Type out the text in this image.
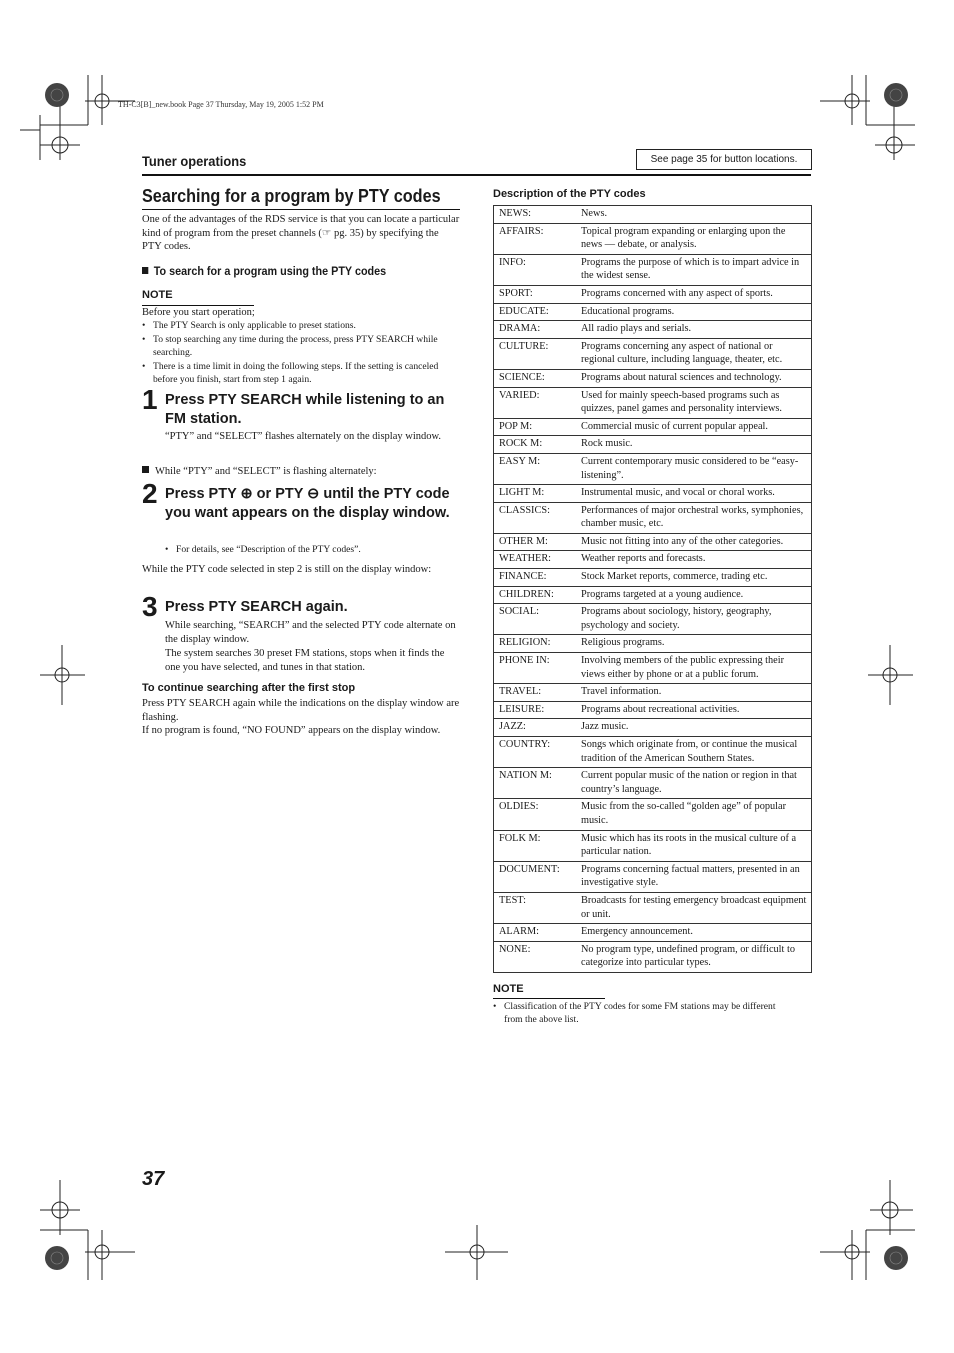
TH-C3[B]_new.book Page 37 Thursday, May 19, 2005 1:52 PM
Tuner operations	See page 35 for button locations.
Searching for a program by PTY codes
One of the advantages of the RDS service is that you can locate a particular kind of program from the preset channels (☞ pg. 35) by specifying the PTY codes.
To search for a program using the PTY codes
NOTE
Before you start operation;
• The PTY Search is only applicable to preset stations.
• To stop searching any time during the process, press PTY SEARCH while searching.
• There is a time limit in doing the following steps. If the setting is canceled before you finish, start from step 1 again.
1 Press PTY SEARCH while listening to an FM station.
“PTY” and “SELECT” flashes alternately on the display window.
While “PTY” and “SELECT” is flashing alternately:
2 Press PTY ⊕ or PTY ⊖ until the PTY code you want appears on the display window.
• For details, see “Description of the PTY codes”.
While the PTY code selected in step 2 is still on the display window:
3 Press PTY SEARCH again.
While searching, “SEARCH” and the selected PTY code alternate on the display window.
The system searches 30 preset FM stations, stops when it finds the one you have selected, and tunes in that station.
To continue searching after the first stop
Press PTY SEARCH again while the indications on the display window are flashing.
If no program is found, “NO FOUND” appears on the display window.
Description of the PTY codes
NEWS:	News.
AFFAIRS:	Topical program expanding or enlarging upon the news — debate, or analysis.
INFO:	Programs the purpose of which is to impart advice in the widest sense.
SPORT:	Programs concerned with any aspect of sports.
EDUCATE:	Educational programs.
DRAMA:	All radio plays and serials.
CULTURE:	Programs concerning any aspect of national or regional culture, including language, theater, etc.
SCIENCE:	Programs about natural sciences and technology.
VARIED:	Used for mainly speech-based programs such as quizzes, panel games and personality interviews.
POP M:	Commercial music of current popular appeal.
ROCK M:	Rock music.
EASY M:	Current contemporary music considered to be “easy-listening”.
LIGHT M:	Instrumental music, and vocal or choral works.
CLASSICS:	Performances of major orchestral works, symphonies, chamber music, etc.
OTHER M:	Music not fitting into any of the other categories.
WEATHER:	Weather reports and forecasts.
FINANCE:	Stock Market reports, commerce, trading etc.
CHILDREN:	Programs targeted at a young audience.
SOCIAL:	Programs about sociology, history, geography, psychology and society.
RELIGION:	Religious programs.
PHONE IN:	Involving members of the public expressing their views either by phone or at a public forum.
TRAVEL:	Travel information.
LEISURE:	Programs about recreational activities.
JAZZ:	Jazz music.
COUNTRY:	Songs which originate from, or continue the musical tradition of the American Southern States.
NATION M:	Current popular music of the nation or region in that country’s language.
OLDIES:	Music from the so-called “golden age” of popular music.
FOLK M:	Music which has its roots in the musical culture of a particular nation.
DOCUMENT:	Programs concerning factual matters, presented in an investigative style.
TEST:	Broadcasts for testing emergency broadcast equipment or unit.
ALARM:	Emergency announcement.
NONE:	No program type, undefined program, or difficult to categorize into particular types.
NOTE
• Classification of the PTY codes for some FM stations may be different from the above list.
37
